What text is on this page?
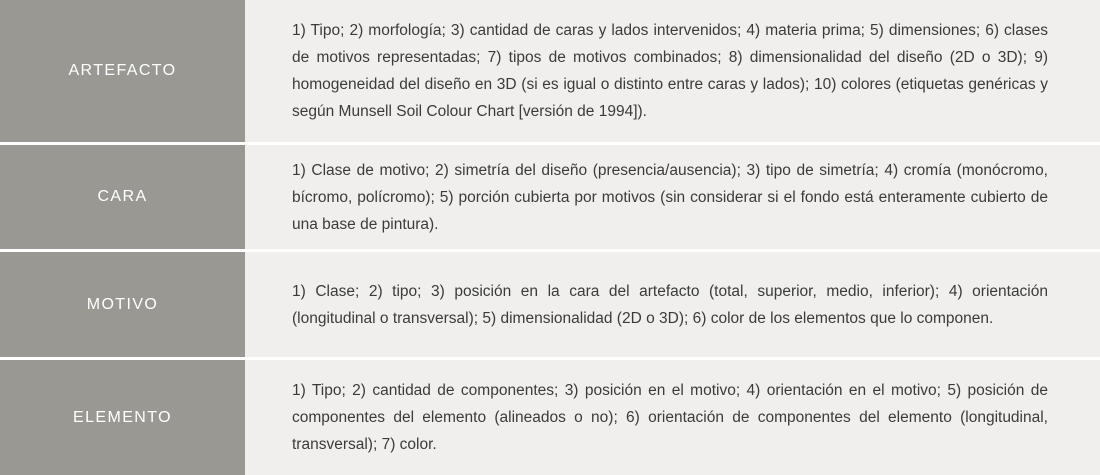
ARTEFACTO

1) Tipo; 2) morfología; 3) cantidad de caras y lados intervenidos; 4) materia prima; 5) dimensiones; 6) clases de motivos representadas; 7) tipos de motivos combinados; 8) dimensionalidad del diseño (2D o 3D); 9) homogeneidad del diseño en 3D (si es igual o distinto entre caras y lados); 10) colores (etiquetas genéricas y según Munsell Soil Colour Chart [versión de 1994]).

CARA

1) Clase de motivo; 2) simetría del diseño (presencia/ausencia); 3) tipo de simetría; 4) cromía (monócromo, bícromo, polícromo); 5) porción cubierta por motivos (sin considerar si el fondo está enteramente cubierto de una base de pintura).

MOTIVO

1) Clase; 2) tipo; 3) posición en la cara del artefacto (total, superior, medio, inferior); 4) orientación (longitudinal o transversal); 5) dimensionalidad (2D o 3D); 6) color de los elementos que lo componen.

ELEMENTO

1) Tipo; 2) cantidad de componentes; 3) posición en el motivo; 4) orientación en el motivo; 5) posición de componentes del elemento (alineados o no); 6) orientación de componentes del elemento (longitudinal, transversal); 7) color.
